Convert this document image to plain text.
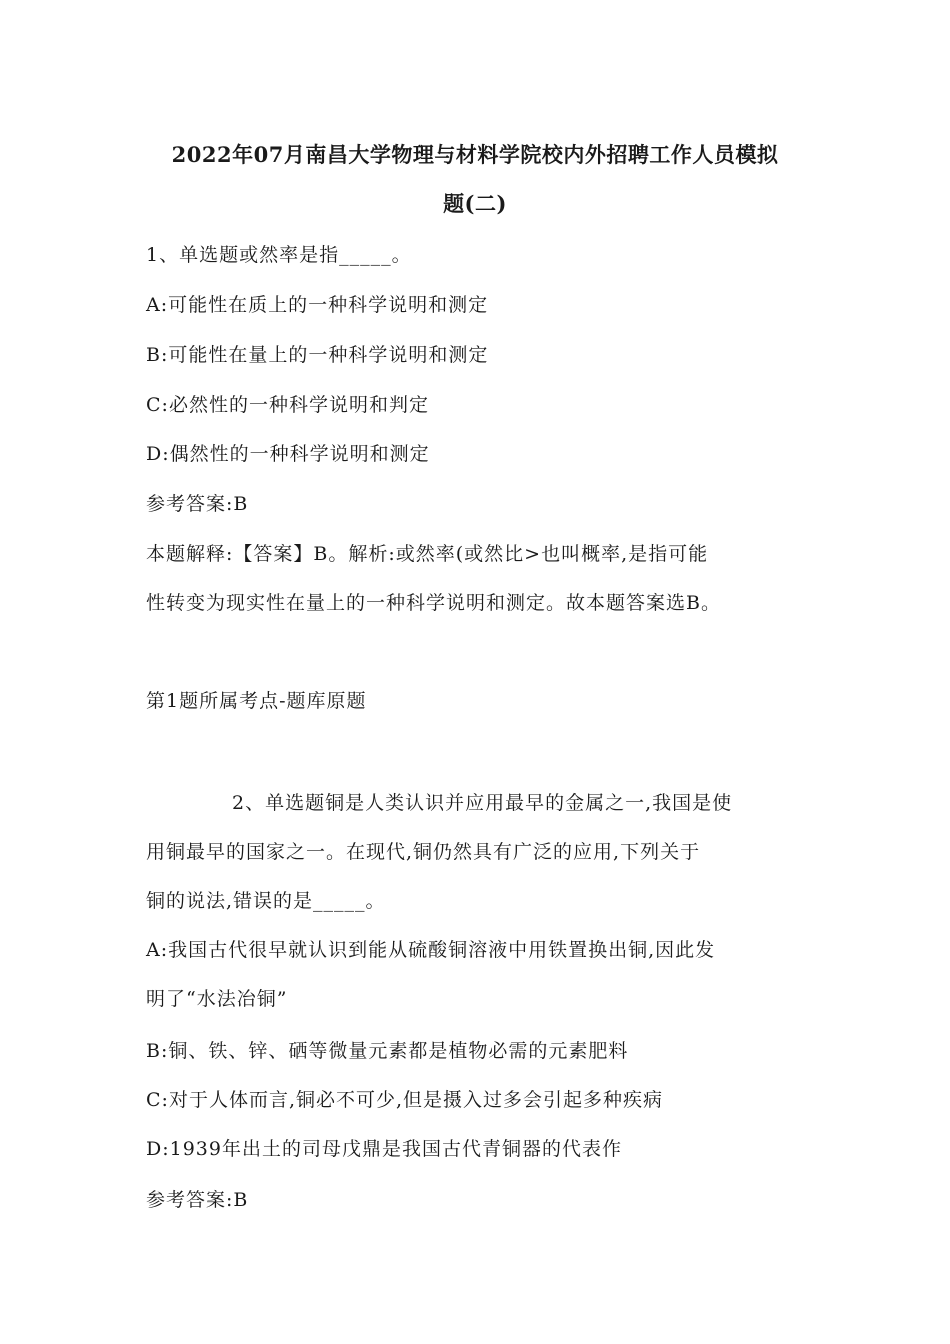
2022年07月南昌大学物理与材料学院校内外招聘工作人员模拟
题(二)
1、单选题或然率是指_____。
A:可能性在质上的一种科学说明和测定
B:可能性在量上的一种科学说明和测定
C:必然性的一种科学说明和判定
D:偶然性的一种科学说明和测定
参考答案:B
本题解释:【答案】B。解析:或然率(或然比>也叫概率,是指可能
性转变为现实性在量上的一种科学说明和测定。故本题答案选B。
第1题所属考点-题库原题
2、单选题铜是人类认识并应用最早的金属之一,我国是使
用铜最早的国家之一。在现代,铜仍然具有广泛的应用,下列关于
铜的说法,错误的是_____。
A:我国古代很早就认识到能从硫酸铜溶液中用铁置换出铜,因此发
明了“水法冶铜”
B:铜、铁、锌、硒等微量元素都是植物必需的元素肥料
C:对于人体而言,铜必不可少,但是摄入过多会引起多种疾病
D:1939年出土的司母戊鼎是我国古代青铜器的代表作
参考答案:B
